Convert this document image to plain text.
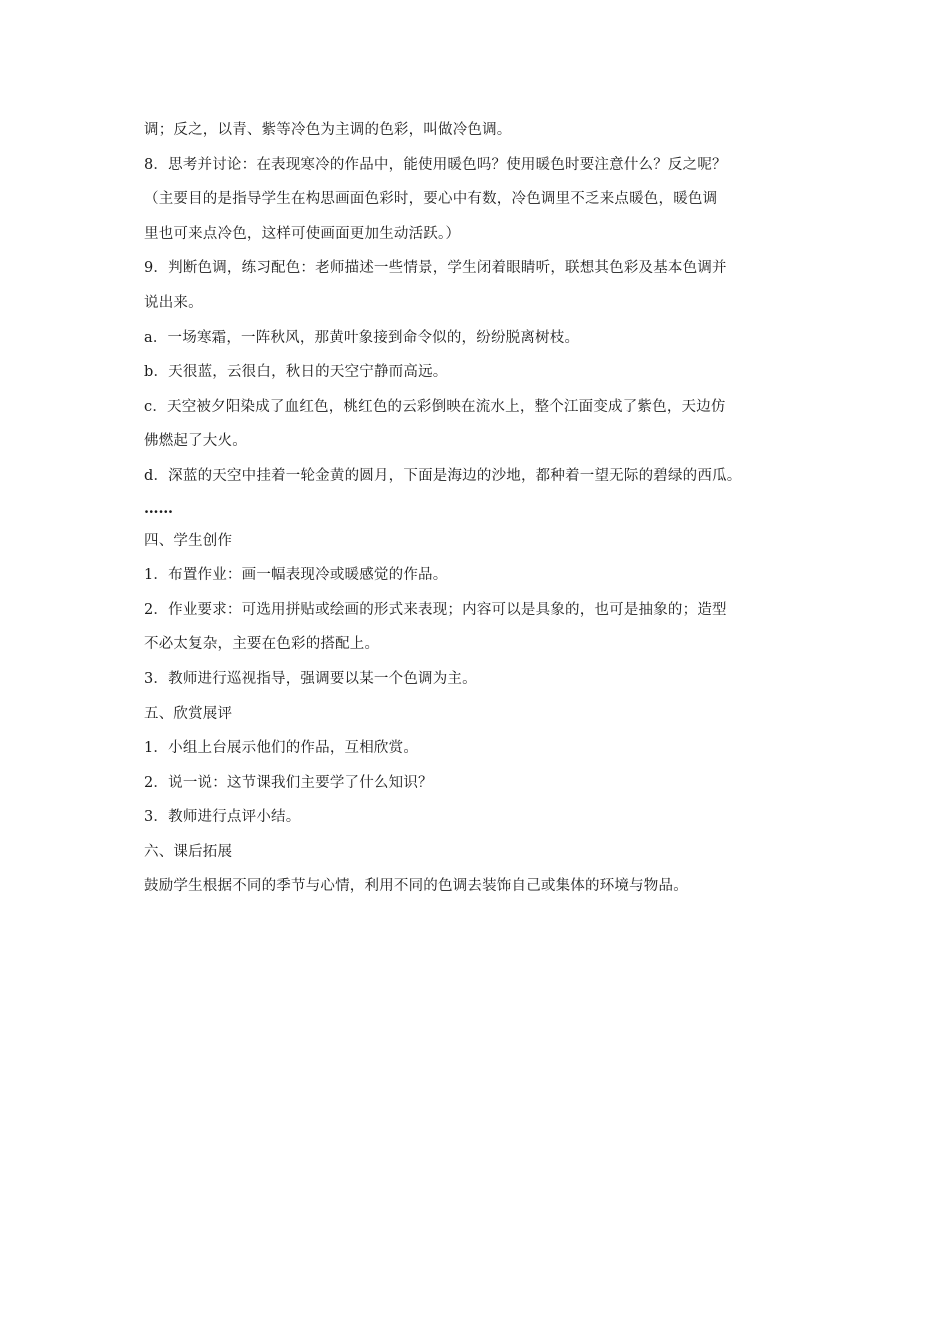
调；反之，以青、紫等冷色为主调的色彩，叫做冷色调。
8．思考并讨论：在表现寒冷的作品中，能使用暖色吗？使用暖色时要注意什么？反之呢？
（主要目的是指导学生在构思画面色彩时，要心中有数，冷色调里不乏来点暖色，暖色调
里也可来点冷色，这样可使画面更加生动活跃。）
9．判断色调，练习配色：老师描述一些情景，学生闭着眼睛听，联想其色彩及基本色调并
说出来。
a．一场寒霜，一阵秋风，那黄叶象接到命令似的，纷纷脱离树枝。
b．天很蓝，云很白，秋日的天空宁静而高远。
c．天空被夕阳染成了血红色，桃红色的云彩倒映在流水上，整个江面变成了紫色，天边仿
佛燃起了大火。
d．深蓝的天空中挂着一轮金黄的圆月，下面是海边的沙地，都种着一望无际的碧绿的西瓜。
……
四、学生创作
1．布置作业：画一幅表现冷或暖感觉的作品。
2．作业要求：可选用拼贴或绘画的形式来表现；内容可以是具象的，也可是抽象的；造型
不必太复杂，主要在色彩的搭配上。
3．教师进行巡视指导，强调要以某一个色调为主。
五、欣赏展评
1．小组上台展示他们的作品，互相欣赏。
2．说一说：这节课我们主要学了什么知识？
3．教师进行点评小结。
六、课后拓展
鼓励学生根据不同的季节与心情，利用不同的色调去装饰自己或集体的环境与物品。
